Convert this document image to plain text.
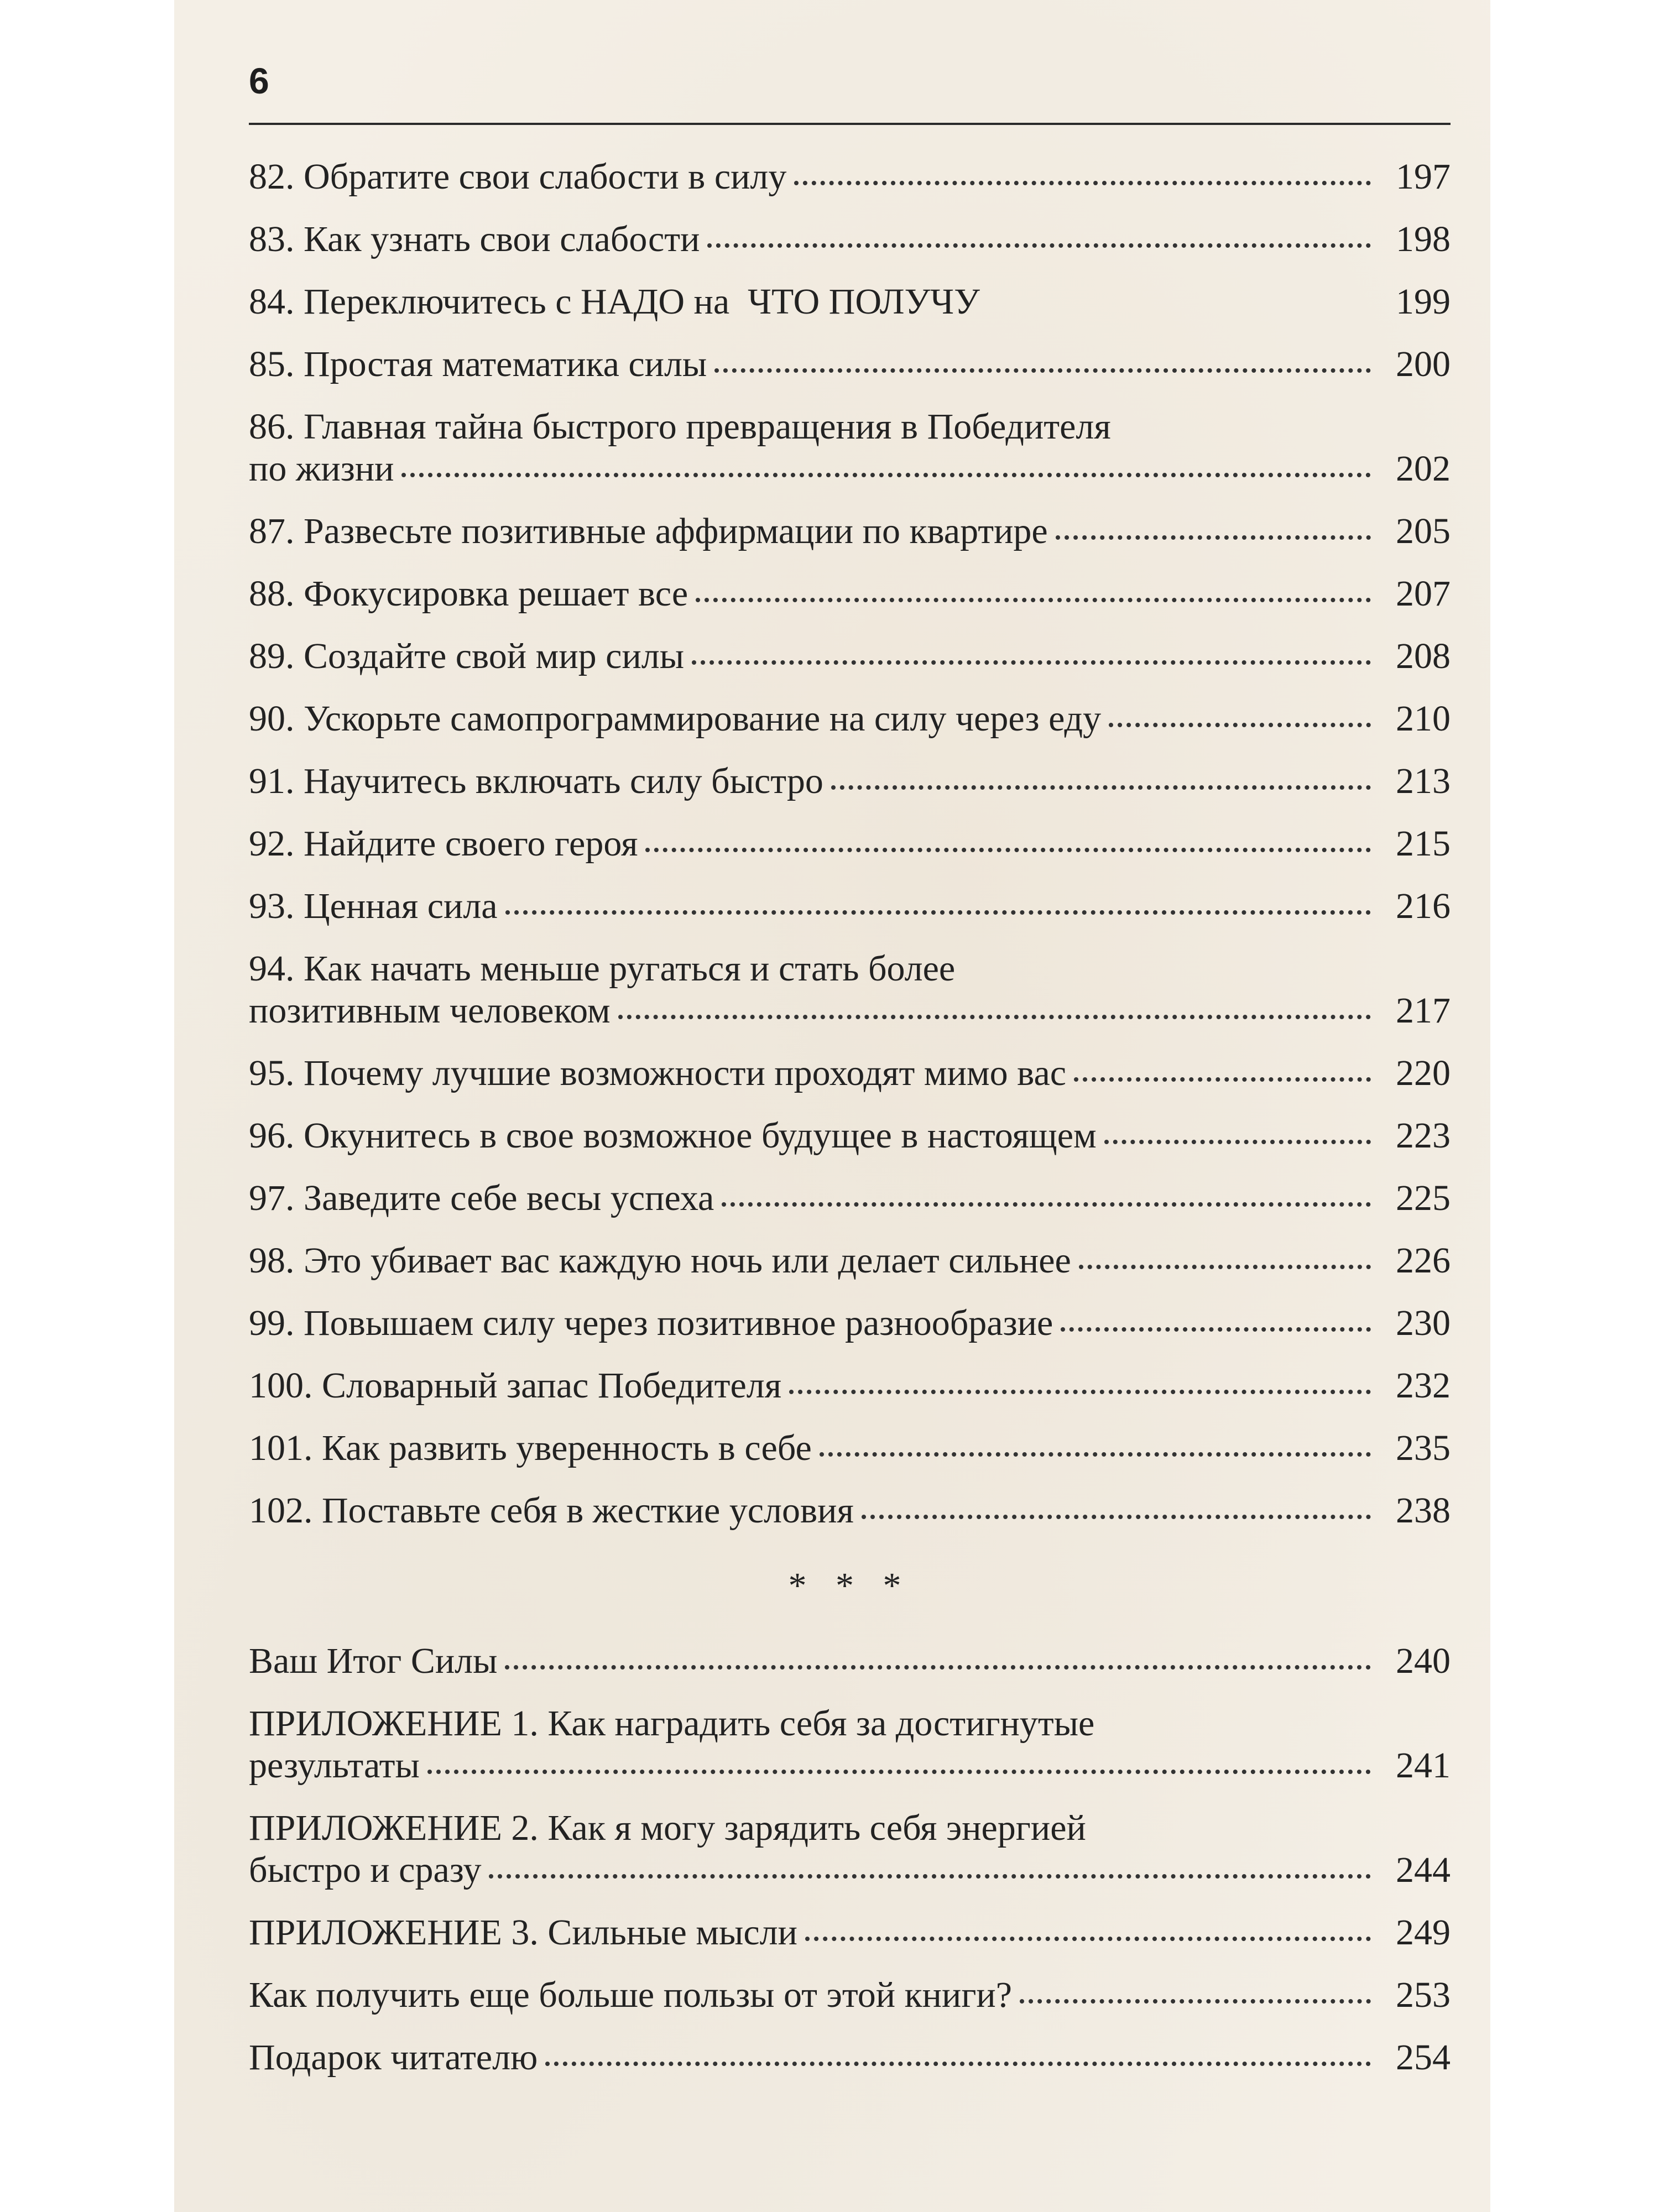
6
82. Обратите свои слабости в силу	197
83. Как узнать свои слабости	198
84. Переключитесь с НАДО на  ЧТО ПОЛУЧУ	199
85. Простая математика силы	200
86. Главная тайна быстрого превращения в Победителя
по жизни	202
87. Развесьте позитивные аффирмации по квартире	205
88. Фокусировка решает все	207
89. Создайте свой мир силы	208
90. Ускорьте самопрограммирование на силу через еду	210
91. Научитесь включать силу быстро	213
92. Найдите своего героя	215
93. Ценная сила	216
94. Как начать меньше ругаться и стать более
позитивным человеком	217
95. Почему лучшие возможности проходят мимо вас	220
96. Окунитесь в свое возможное будущее в настоящем	223
97. Заведите себе весы успеха	225
98. Это убивает вас каждую ночь или делает сильнее	226
99. Повышаем силу через позитивное разнообразие	230
100. Словарный запас Победителя	232
101. Как развить уверенность в себе	235
102. Поставьте себя в жесткие условия	238
* * *
Ваш Итог Силы	240
ПРИЛОЖЕНИЕ 1. Как наградить себя за достигнутые
результаты	241
ПРИЛОЖЕНИЕ 2. Как я могу зарядить себя энергией
быстро и сразу	244
ПРИЛОЖЕНИЕ 3. Сильные мысли	249
Как получить еще больше пользы от этой книги?	253
Подарок читателю	254
